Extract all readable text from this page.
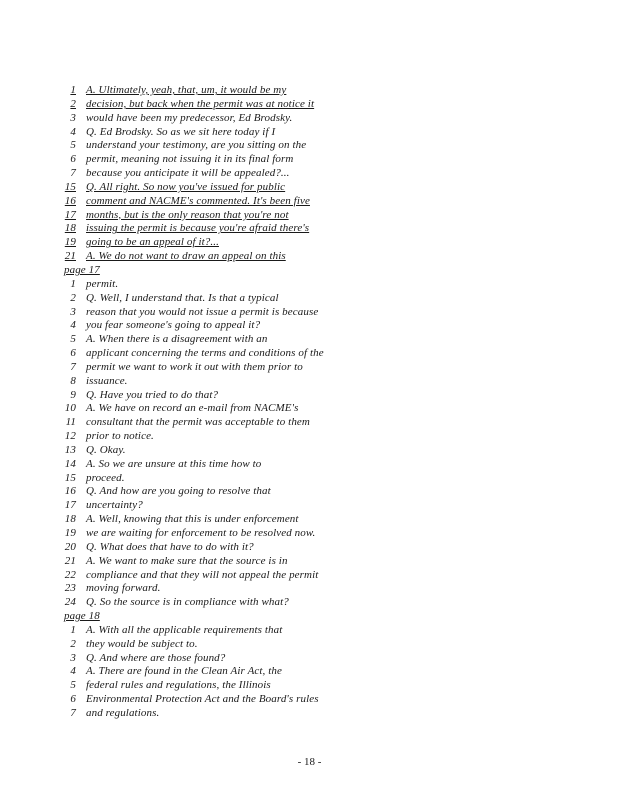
1 A. Ultimately, yeah, that, um, it would be my
2 decision, but back when the permit was at notice it
3 would have been my predecessor, Ed Brodsky.
4 Q. Ed Brodsky. So as we sit here today if I
5 understand your testimony, are you sitting on the
6 permit, meaning not issuing it in its final form
7 because you anticipate it will be appealed?...
15 Q. All right. So now you've issued for public
16 comment and NACME's commented. It's been five
17 months, but is the only reason that you're not
18 issuing the permit is because you're afraid there's
19 going to be an appeal of it?...
21 A. We do not want to draw an appeal on this
page 17
1 permit.
2 Q. Well, I understand that. Is that a typical
3 reason that you would not issue a permit is because
4 you fear someone's going to appeal it?
5 A. When there is a disagreement with an
6 applicant concerning the terms and conditions of the
7 permit we want to work it out with them prior to
8 issuance.
9 Q. Have you tried to do that?
10 A. We have on record an e-mail from NACME's
11 consultant that the permit was acceptable to them
12 prior to notice.
13 Q. Okay.
14 A. So we are unsure at this time how to
15 proceed.
16 Q. And how are you going to resolve that
17 uncertainty?
18 A. Well, knowing that this is under enforcement
19 we are waiting for enforcement to be resolved now.
20 Q. What does that have to do with it?
21 A. We want to make sure that the source is in
22 compliance and that they will not appeal the permit
23 moving forward.
24 Q. So the source is in compliance with what?
page 18
1 A. With all the applicable requirements that
2 they would be subject to.
3 Q. And where are those found?
4 A. There are found in the Clean Air Act, the
5 federal rules and regulations, the Illinois
6 Environmental Protection Act and the Board's rules
7 and regulations.
- 18 -
